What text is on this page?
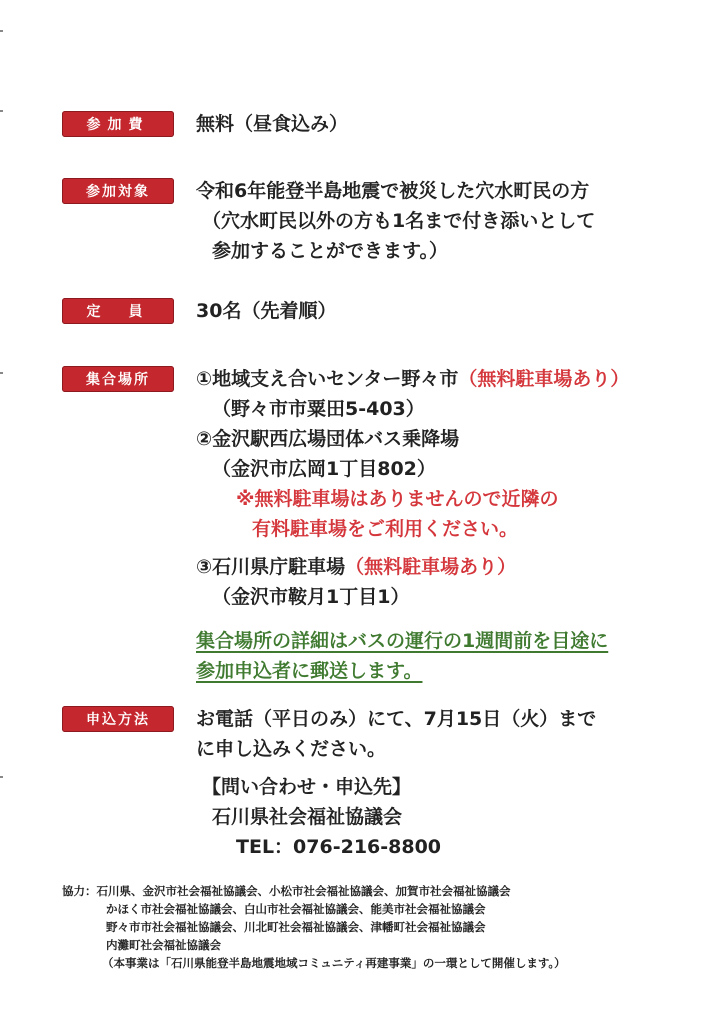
参加費	無料（昼食込み）
参加対象	令和6年能登半島地震で被災した穴水町民の方
（穴水町民以外の方も1名まで付き添いとして
参加することができます。）
定　員	30名（先着順）
集合場所	①地域支え合いセンター野々市（無料駐車場あり）
（野々市市粟田5-403）
②金沢駅西広場団体バス乗降場
（金沢市広岡1丁目802）
※無料駐車場はありませんので近隣の
有料駐車場をご利用ください。
③石川県庁駐車場（無料駐車場あり）
（金沢市鞍月1丁目1）
集合場所の詳細はバスの運行の1週間前を目途に
参加申込者に郵送します。
申込方法	お電話（平日のみ）にて、7月15日（火）まで
に申し込みください。
【問い合わせ・申込先】
石川県社会福祉協議会
TEL：076-216-8800
協力：石川県、金沢市社会福祉協議会、小松市社会福祉協議会、加賀市社会福祉協議会
かほく市社会福祉協議会、白山市社会福祉協議会、能美市社会福祉協議会
野々市市社会福祉協議会、川北町社会福祉協議会、津幡町社会福祉協議会
内灘町社会福祉協議会
（本事業は「石川県能登半島地震地域コミュニティ再建事業」の一環として開催します。）
